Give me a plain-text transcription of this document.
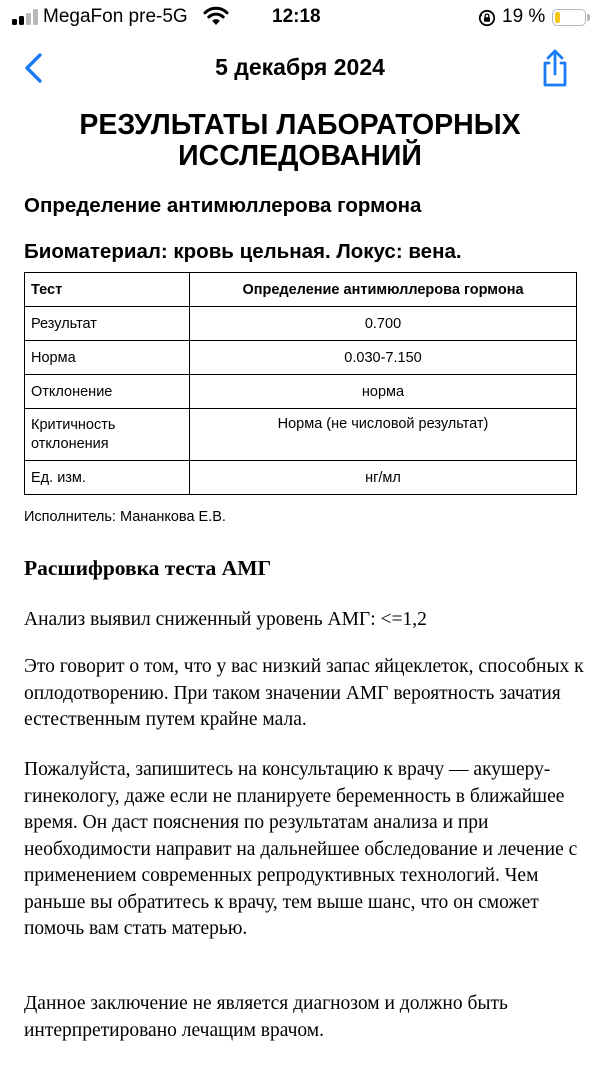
MegaFon pre-5G	12:18	19 %
5 декабря 2024
РЕЗУЛЬТАТЫ ЛАБОРАТОРНЫХ ИССЛЕДОВАНИЙ
Определение антимюллерова гормона
Биоматериал: кровь цельная. Локус: вена.
Тест	Определение антимюллерова гормона
Результат	0.700
Норма	0.030-7.150
Отклонение	норма
Критичность отклонения	Норма (не числовой результат)
Ед. изм.	нг/мл
Исполнитель: Мананкова Е.В.
Расшифровка теста АМГ

Анализ выявил сниженный уровень АМГ: <=1,2

Это говорит о том, что у вас низкий запас яйцеклеток, способных к оплодотворению. При таком значении АМГ вероятность зачатия естественным путем крайне мала.

Пожалуйста, запишитесь на консультацию к врачу — акушеру-гинекологу, даже если не планируете беременность в ближайшее время. Он даст пояснения по результатам анализа и при необходимости направит на дальнейшее обследование и лечение с применением современных репродуктивных технологий. Чем раньше вы обратитесь к врачу, тем выше шанс, что он сможет помочь вам стать матерью.

Данное заключение не является диагнозом и должно быть интерпретировано лечащим врачом.
